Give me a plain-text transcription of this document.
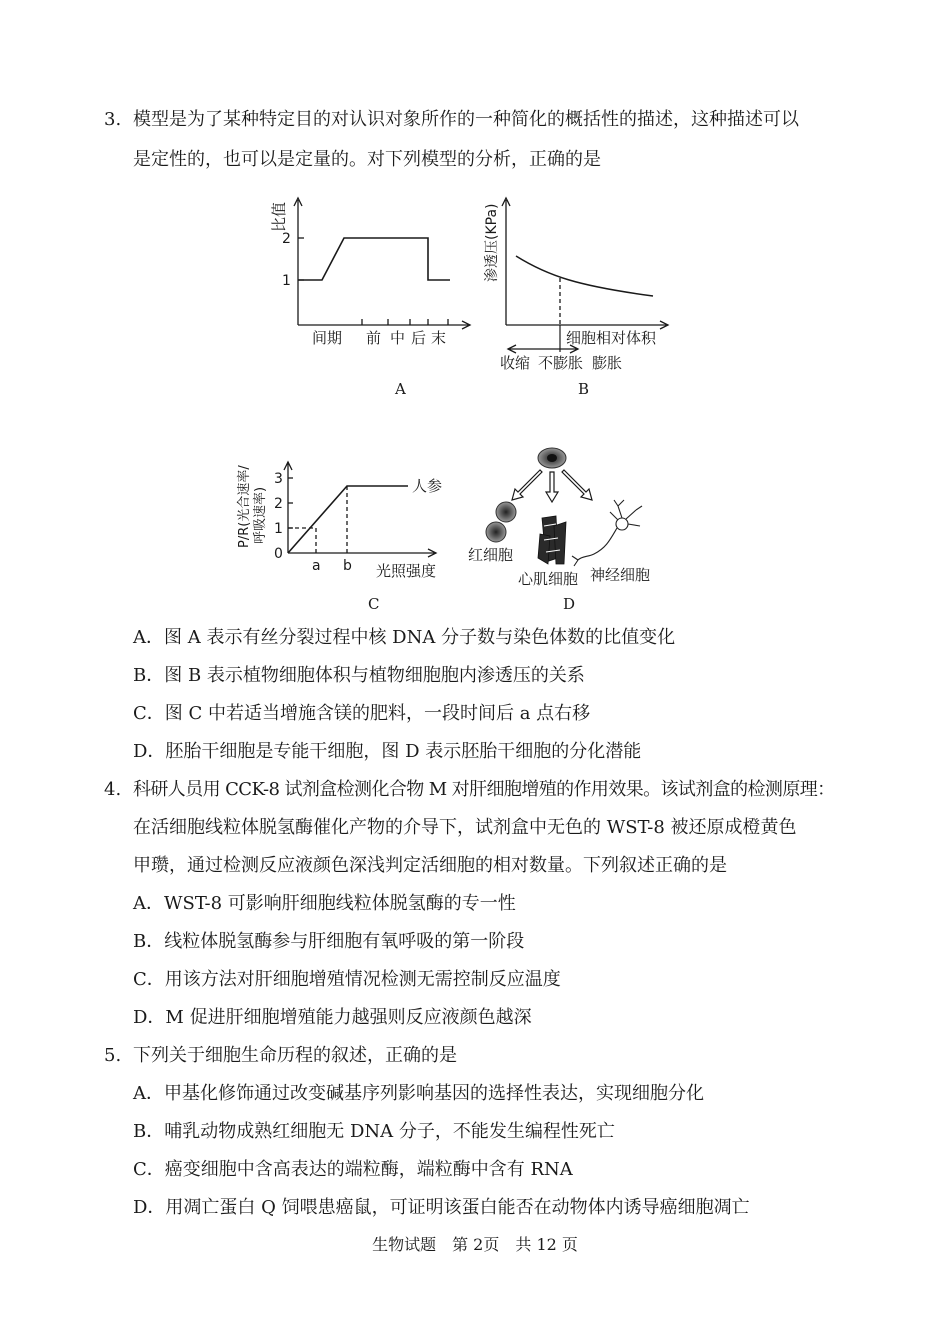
3. 模型是为了某种特定目的对认识对象所作的一种简化的概括性的描述，这种描述可以
是定性的，也可以是定量的。对下列模型的分析，正确的是
比值
2
1
间期 前 中 后 末
A
渗透压(KPa)
细胞相对体积
收缩 不膨胀 膨胀
B
P/R(光合速率/ 呼吸速率)
3
2
1
0
a b 光照强度
人参
C
红细胞
心肌细胞 神经细胞
D
A．图 A 表示有丝分裂过程中核 DNA 分子数与染色体数的比值变化
B．图 B 表示植物细胞体积与植物细胞胞内渗透压的关系
C．图 C 中若适当增施含镁的肥料，一段时间后 a 点右移
D．胚胎干细胞是专能干细胞，图 D 表示胚胎干细胞的分化潜能
4. 科研人员用 CCK-8 试剂盒检测化合物 M 对肝细胞增殖的作用效果。该试剂盒的检测原理：
在活细胞线粒体脱氢酶催化产物的介导下，试剂盒中无色的 WST-8 被还原成橙黄色
甲瓒，通过检测反应液颜色深浅判定活细胞的相对数量。下列叙述正确的是
A．WST-8 可影响肝细胞线粒体脱氢酶的专一性
B．线粒体脱氢酶参与肝细胞有氧呼吸的第一阶段
C．用该方法对肝细胞增殖情况检测无需控制反应温度
D．M 促进肝细胞增殖能力越强则反应液颜色越深
5. 下列关于细胞生命历程的叙述，正确的是
A．甲基化修饰通过改变碱基序列影响基因的选择性表达，实现细胞分化
B．哺乳动物成熟红细胞无 DNA 分子，不能发生编程性死亡
C．癌变细胞中含高表达的端粒酶，端粒酶中含有 RNA
D．用凋亡蛋白 Q 饲喂患癌鼠，可证明该蛋白能否在动物体内诱导癌细胞凋亡
生物试题　第 2页　共 12 页
